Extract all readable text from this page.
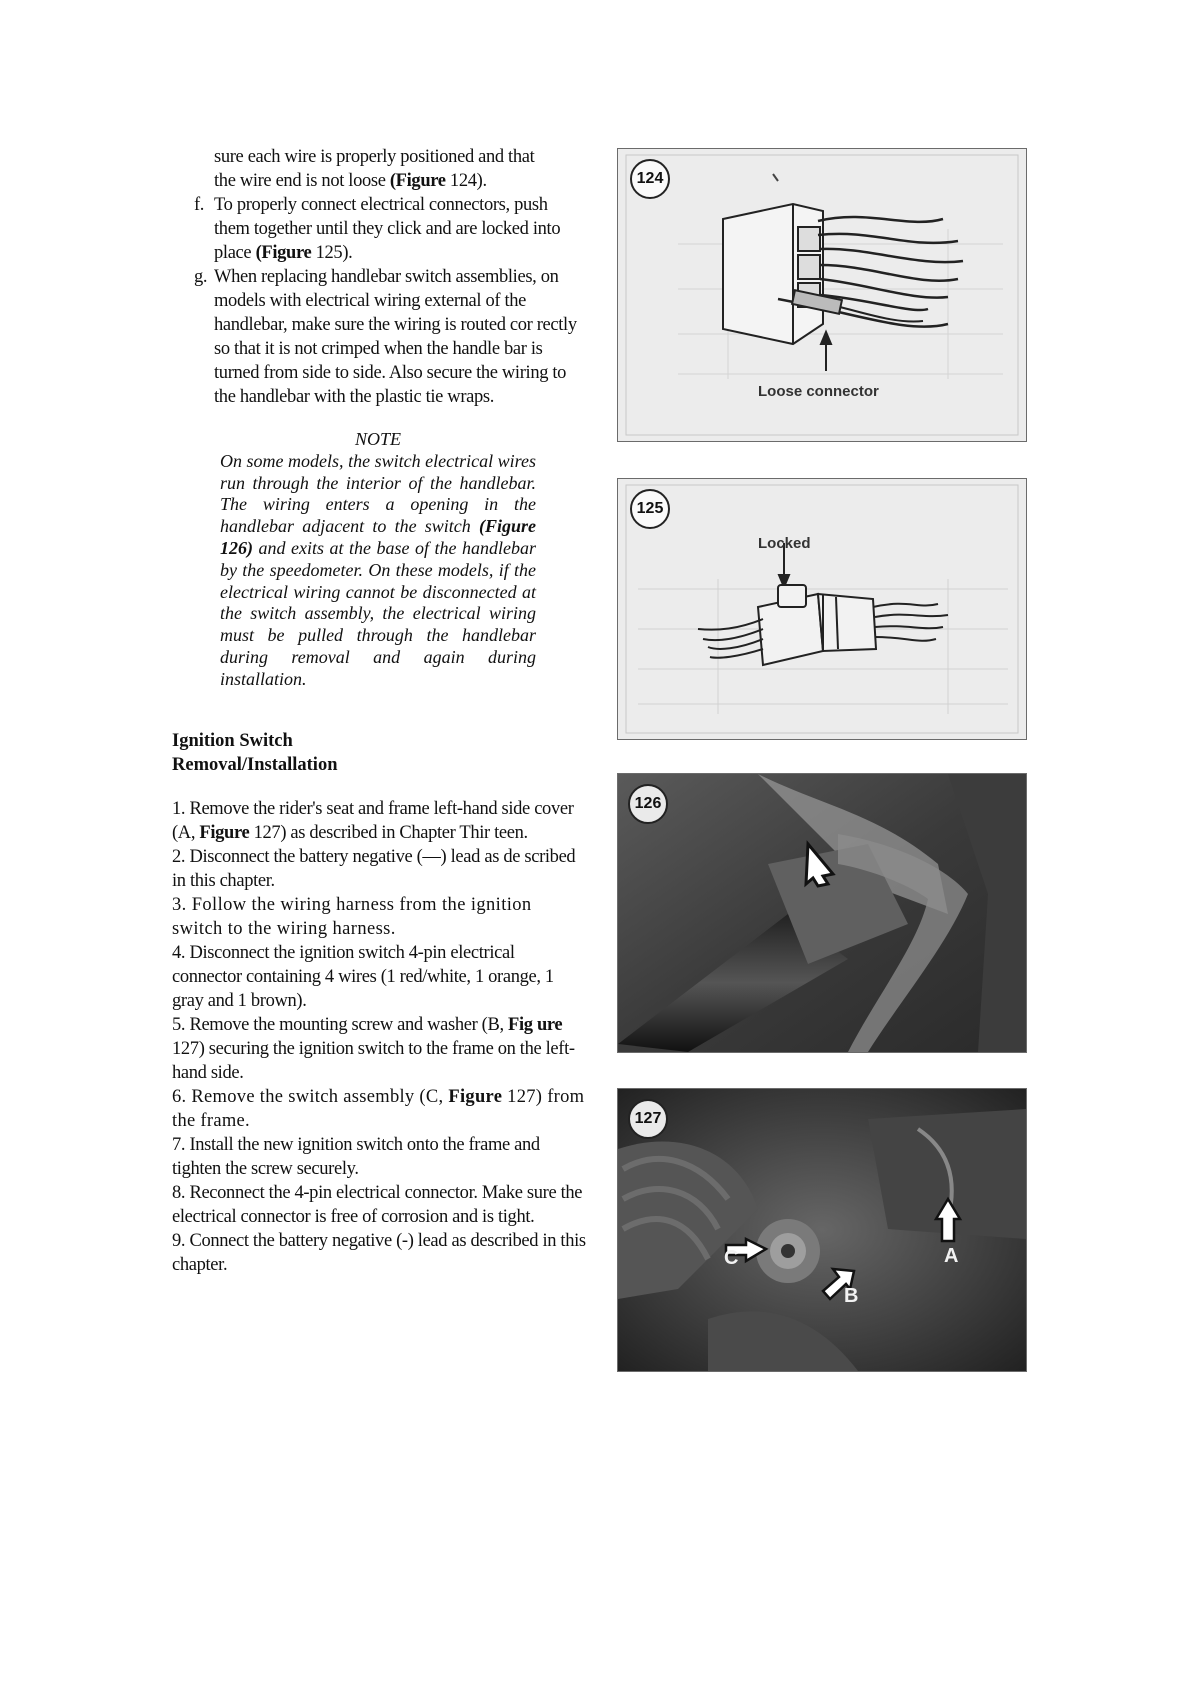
sure each wire is properly positioned and that
the wire end is not loose (Figure 124).
f. To properly connect electrical connectors, push them together until they click and are locked into place (Figure 125).
g. When replacing handlebar switch assemblies, on models with electrical wiring external of the handlebar, make sure the wiring is routed cor rectly so that it is not crimped when the handle bar is turned from side to side. Also secure the wiring to the handlebar with the plastic tie wraps.
NOTE
On some models, the switch electrical wires run through the interior of the handlebar. The wiring enters a opening in the handlebar adjacent to the switch (Figure 126) and exits at the base of the handlebar by the speedometer. On these models, if the electrical wiring cannot be disconnected at the switch assembly, the electrical wiring must be pulled through the handlebar during removal and again during installation.
Ignition Switch
Removal/Installation

1. Remove the rider's seat and frame left-hand side cover (A, Figure 127) as described in Chapter Thir teen.

2. Disconnect the battery negative (—) lead as de scribed in this chapter.

3. Follow the wiring harness from the ignition switch to the wiring harness.

4. Disconnect the ignition switch 4-pin electrical connector containing 4 wires (1 red/white, 1 orange, 1 gray and 1 brown).

5. Remove the mounting screw and washer (B, Fig ure 127) securing the ignition switch to the frame on the left-hand side.

6. Remove the switch assembly (C, Figure 127) from the frame.

7. Install the new ignition switch onto the frame and tighten the screw securely.

8. Reconnect the 4-pin electrical connector. Make sure the electrical connector is free of corrosion and is tight.

9. Connect the battery negative (-) lead as described in this chapter.

124
Loose connector
125
Locked
126
127
A
B
C
